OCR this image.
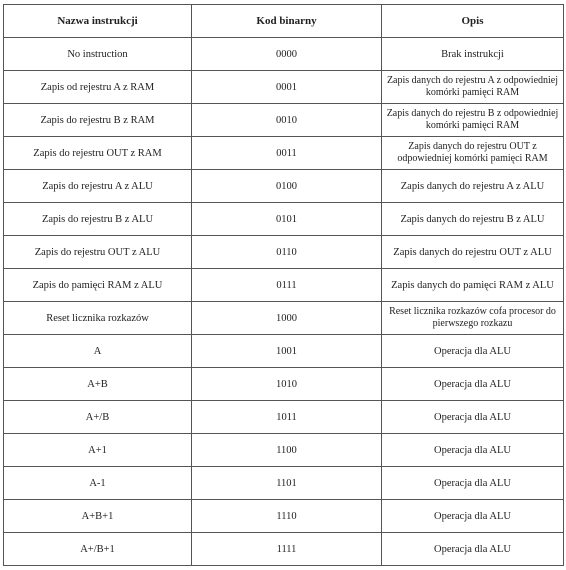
Nazwa instrukcji	Kod binarny	Opis
No instruction	0000	Brak instrukcji
Zapis od rejestru A z RAM	0001	Zapis danych do rejestru A z odpowiedniej komórki pamięci RAM
Zapis do rejestru B z RAM	0010	Zapis danych do rejestru B z odpowiedniej komórki pamięci RAM
Zapis do rejestru OUT z RAM	0011	Zapis danych do rejestru OUT z odpowiedniej komórki pamięci RAM
Zapis do rejestru A z ALU	0100	Zapis danych do rejestru A z ALU
Zapis do rejestru B z ALU	0101	Zapis danych do rejestru B z ALU
Zapis do rejestru OUT z ALU	0110	Zapis danych do rejestru OUT z ALU
Zapis do pamięci RAM z ALU	0111	Zapis danych do pamięci RAM z ALU
Reset licznika rozkazów	1000	Reset licznika rozkazów cofa procesor do pierwszego rozkazu
A	1001	Operacja dla ALU
A+B	1010	Operacja dla ALU
A+/B	1011	Operacja dla ALU
A+1	1100	Operacja dla ALU
A-1	1101	Operacja dla ALU
A+B+1	1110	Operacja dla ALU
A+/B+1	1111	Operacja dla ALU
